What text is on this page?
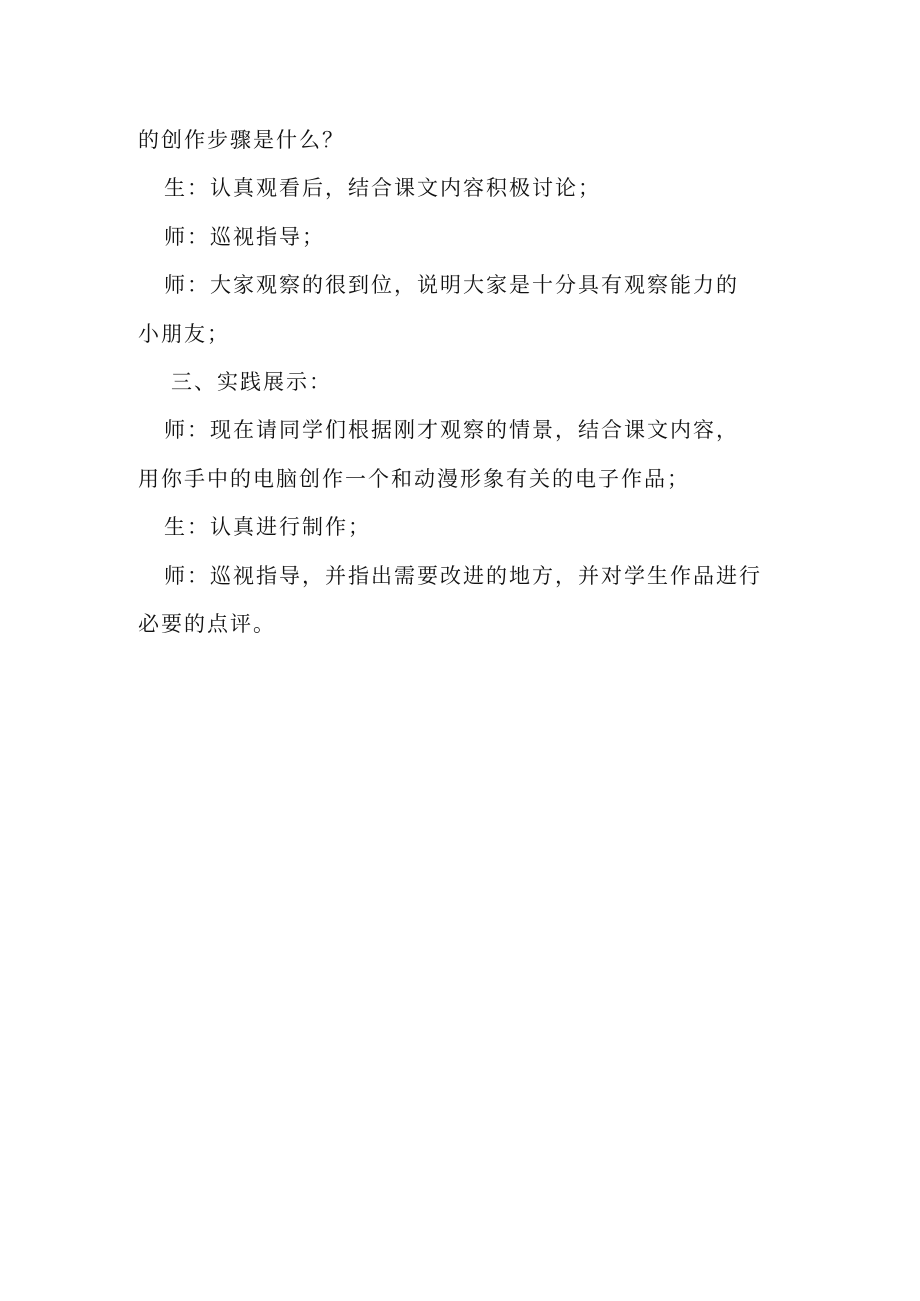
的创作步骤是什么？
生：认真观看后，结合课文内容积极讨论；
师：巡视指导；
师：大家观察的很到位，说明大家是十分具有观察能力的
小朋友；
三、实践展示：
师：现在请同学们根据刚才观察的情景，结合课文内容，
用你手中的电脑创作一个和动漫形象有关的电子作品；
生：认真进行制作；
师：巡视指导，并指出需要改进的地方，并对学生作品进行
必要的点评。
